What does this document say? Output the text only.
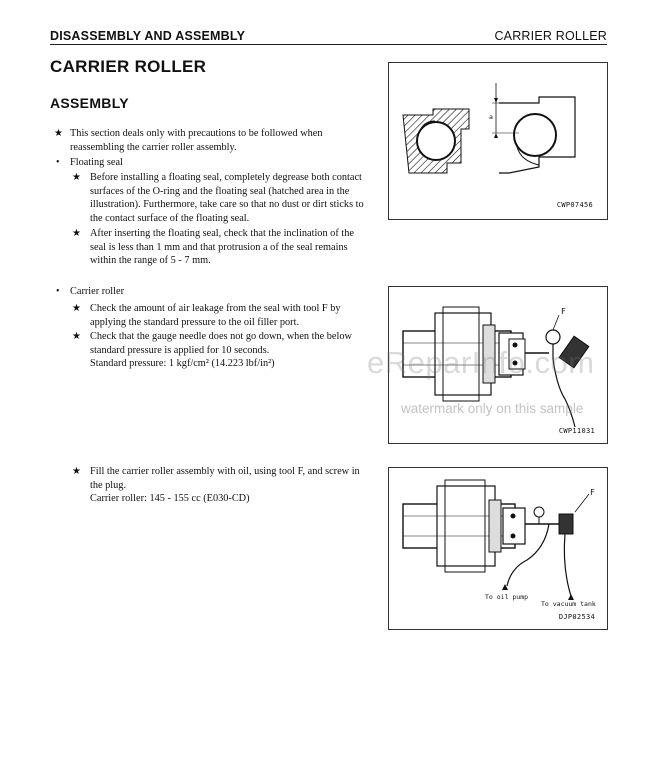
DISASSEMBLY AND ASSEMBLY	CARRIER ROLLER
CARRIER ROLLER
ASSEMBLY
★ This section deals only with precautions to be followed when
reassembling the carrier roller assembly.
• Floating seal
★ Before installing a floating seal, completely degrease both contact
surfaces of the O-ring and the floating seal (hatched area in the
illustration). Furthermore, take care so that no dust or dirt sticks to
the contact surface of the floating seal.
★ After inserting the floating seal, check that the inclination of the
seal is less than 1 mm and that protrusion a of the seal remains
within the range of 5 - 7 mm.
• Carrier roller
★ Check the amount of air leakage from the seal with tool F by
applying the standard pressure to the oil filler port.
★ Check that the gauge needle does not go down, when the below
standard pressure is applied for 10 seconds.
Standard pressure: 1 kgf/cm² (14.223 lbf/in²)
★ Fill the carrier roller assembly with oil, using tool F, and screw in
the plug.
Carrier roller: 145 - 155 cc (E030-CD)
a
CWP07456
F
CWP11031
F
To oil pump
To vacuum tank
DJP02534
eReparInfo.com
watermark only on this sample
